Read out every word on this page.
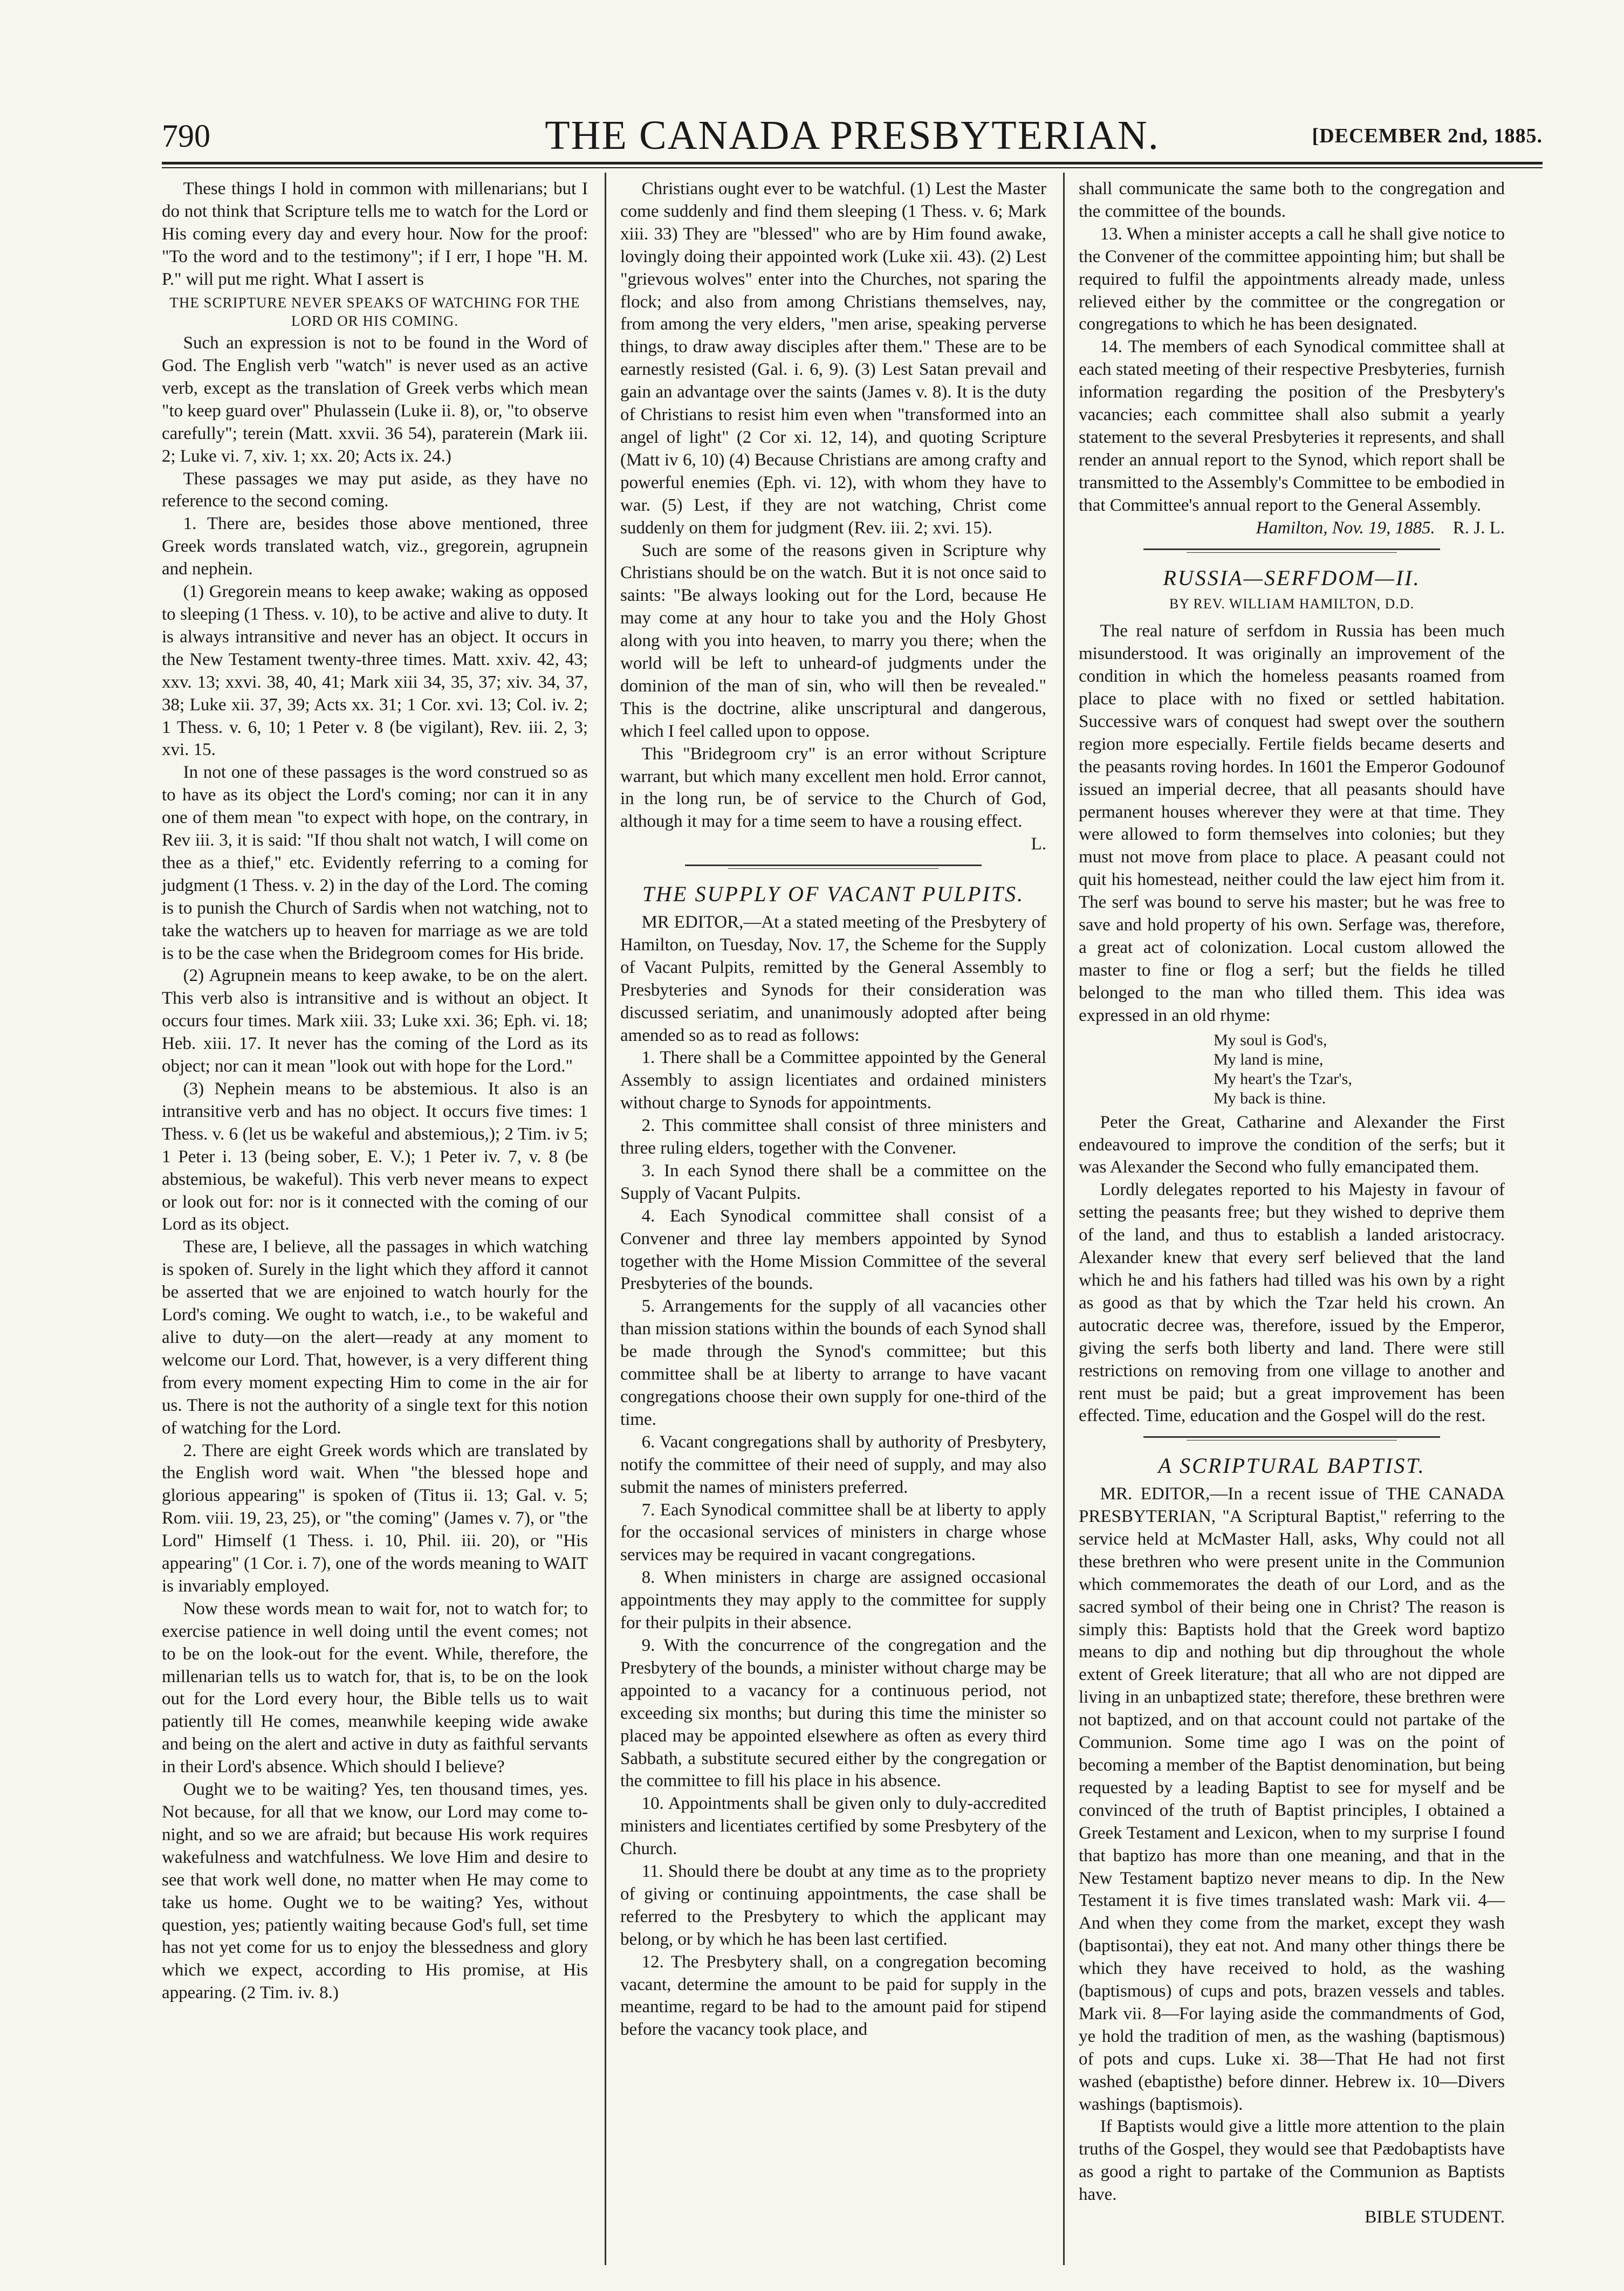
790	THE CANADA PRESBYTERIAN.	[DECEMBER 2nd, 1885.

These things I hold in common with millenarians; but I do not think that Scripture tells me to watch for the Lord or His coming every day and every hour. Now for the proof: "To the word and to the testimony"; if I err, I hope "H. M. P." will put me right. What I assert is

THE SCRIPTURE NEVER SPEAKS OF WATCHING FOR THE LORD OR HIS COMING.

Such an expression is not to be found in the Word of God. The English verb "watch" is never used as an active verb, except as the translation of Greek verbs which mean "to keep guard over" Phulassein (Luke ii. 8), or, "to observe carefully"; terein (Matt. xxvii. 36 54), paraterein (Mark iii. 2; Luke vi. 7, xiv. 1; xx. 20; Acts ix. 24.)

These passages we may put aside, as they have no reference to the second coming.

1. There are, besides those above mentioned, three Greek words translated watch, viz., gregorein, agrupnein and nephein.

(1) Gregorein means to keep awake; waking as opposed to sleeping (1 Thess. v. 10), to be active and alive to duty. It is always intransitive and never has an object. It occurs in the New Testament twenty-three times. Matt. xxiv. 42, 43; xxv. 13; xxvi. 38, 40, 41; Mark xiii 34, 35, 37; xiv. 34, 37, 38; Luke xii. 37, 39; Acts xx. 31; 1 Cor. xvi. 13; Col. iv. 2; 1 Thess. v. 6, 10; 1 Peter v. 8 (be vigilant), Rev. iii. 2, 3; xvi. 15.

In not one of these passages is the word construed so as to have as its object the Lord's coming; nor can it in any one of them mean "to expect with hope, on the contrary, in Rev iii. 3, it is said: "If thou shalt not watch, I will come on thee as a thief," etc. Evidently referring to a coming for judgment (1 Thess. v. 2) in the day of the Lord. The coming is to punish the Church of Sardis when not watching, not to take the watchers up to heaven for marriage as we are told is to be the case when the Bridegroom comes for His bride.

(2) Agrupnein means to keep awake, to be on the alert. This verb also is intransitive and is without an object. It occurs four times. Mark xiii. 33; Luke xxi. 36; Eph. vi. 18; Heb. xiii. 17. It never has the coming of the Lord as its object; nor can it mean "look out with hope for the Lord."

(3) Nephein means to be abstemious. It also is an intransitive verb and has no object. It occurs five times: 1 Thess. v. 6 (let us be wakeful and abstemious,); 2 Tim. iv 5; 1 Peter i. 13 (being sober, E. V.); 1 Peter iv. 7, v. 8 (be abstemious, be wakeful). This verb never means to expect or look out for: nor is it connected with the coming of our Lord as its object.

These are, I believe, all the passages in which watching is spoken of. Surely in the light which they afford it cannot be asserted that we are enjoined to watch hourly for the Lord's coming. We ought to watch, i.e., to be wakeful and alive to duty—on the alert—ready at any moment to welcome our Lord. That, however, is a very different thing from every moment expecting Him to come in the air for us. There is not the authority of a single text for this notion of watching for the Lord.

2. There are eight Greek words which are translated by the English word wait. When "the blessed hope and glorious appearing" is spoken of (Titus ii. 13; Gal. v. 5; Rom. viii. 19, 23, 25), or "the coming" (James v. 7), or "the Lord" Himself (1 Thess. i. 10, Phil. iii. 20), or "His appearing" (1 Cor. i. 7), one of the words meaning to WAIT is invariably employed.

Now these words mean to wait for, not to watch for; to exercise patience in well doing until the event comes; not to be on the look-out for the event. While, therefore, the millenarian tells us to watch for, that is, to be on the look out for the Lord every hour, the Bible tells us to wait patiently till He comes, meanwhile keeping wide awake and being on the alert and active in duty as faithful servants in their Lord's absence. Which should I believe?

Ought we to be waiting? Yes, ten thousand times, yes. Not because, for all that we know, our Lord may come to-night, and so we are afraid; but because His work requires wakefulness and watchfulness. We love Him and desire to see that work well done, no matter when He may come to take us home. Ought we to be waiting? Yes, without question, yes; patiently waiting because God's full, set time has not yet come for us to enjoy the blessedness and glory which we expect, according to His promise, at His appearing. (2 Tim. iv. 8.)

Christians ought ever to be watchful. (1) Lest the Master come suddenly and find them sleeping (1 Thess. v. 6; Mark xiii. 33) They are "blessed" who are by Him found awake, lovingly doing their appointed work (Luke xii. 43). (2) Lest "grievous wolves" enter into the Churches, not sparing the flock; and also from among Christians themselves, nay, from among the very elders, "men arise, speaking perverse things, to draw away disciples after them." These are to be earnestly resisted (Gal. i. 6, 9). (3) Lest Satan prevail and gain an advantage over the saints (James v. 8). It is the duty of Christians to resist him even when "transformed into an angel of light" (2 Cor xi. 12, 14), and quoting Scripture (Matt iv 6, 10) (4) Because Christians are among crafty and powerful enemies (Eph. vi. 12), with whom they have to war. (5) Lest, if they are not watching, Christ come suddenly on them for judgment (Rev. iii. 2; xvi. 15).

Such are some of the reasons given in Scripture why Christians should be on the watch. But it is not once said to saints: "Be always looking out for the Lord, because He may come at any hour to take you and the Holy Ghost along with you into heaven, to marry you there; when the world will be left to unheard-of judgments under the dominion of the man of sin, who will then be revealed." This is the doctrine, alike unscriptural and dangerous, which I feel called upon to oppose.

This "Bridegroom cry" is an error without Scripture warrant, but which many excellent men hold. Error cannot, in the long run, be of service to the Church of God, although it may for a time seem to have a rousing effect.

L.

THE SUPPLY OF VACANT PULPITS.

MR EDITOR,—At a stated meeting of the Presbytery of Hamilton, on Tuesday, Nov. 17, the Scheme for the Supply of Vacant Pulpits, remitted by the General Assembly to Presbyteries and Synods for their consideration was discussed seriatim, and unanimously adopted after being amended so as to read as follows:

1. There shall be a Committee appointed by the General Assembly to assign licentiates and ordained ministers without charge to Synods for appointments.

2. This committee shall consist of three ministers and three ruling elders, together with the Convener.

3. In each Synod there shall be a committee on the Supply of Vacant Pulpits.

4. Each Synodical committee shall consist of a Convener and three lay members appointed by Synod together with the Home Mission Committee of the several Presbyteries of the bounds.

5. Arrangements for the supply of all vacancies other than mission stations within the bounds of each Synod shall be made through the Synod's committee; but this committee shall be at liberty to arrange to have vacant congregations choose their own supply for one-third of the time.

6. Vacant congregations shall by authority of Presbytery, notify the committee of their need of supply, and may also submit the names of ministers preferred.

7. Each Synodical committee shall be at liberty to apply for the occasional services of ministers in charge whose services may be required in vacant congregations.

8. When ministers in charge are assigned occasional appointments they may apply to the committee for supply for their pulpits in their absence.

9. With the concurrence of the congregation and the Presbytery of the bounds, a minister without charge may be appointed to a vacancy for a continuous period, not exceeding six months; but during this time the minister so placed may be appointed elsewhere as often as every third Sabbath, a substitute secured either by the congregation or the committee to fill his place in his absence.

10. Appointments shall be given only to duly-accredited ministers and licentiates certified by some Presbytery of the Church.

11. Should there be doubt at any time as to the propriety of giving or continuing appointments, the case shall be referred to the Presbytery to which the applicant may belong, or by which he has been last certified.

12. The Presbytery shall, on a congregation becoming vacant, determine the amount to be paid for supply in the meantime, regard to be had to the amount paid for stipend before the vacancy took place, and

shall communicate the same both to the congregation and the committee of the bounds.

13. When a minister accepts a call he shall give notice to the Convener of the committee appointing him; but shall be required to fulfil the appointments already made, unless relieved either by the committee or the congregation or congregations to which he has been designated.

14. The members of each Synodical committee shall at each stated meeting of their respective Presbyteries, furnish information regarding the position of the Presbytery's vacancies; each committee shall also submit a yearly statement to the several Presbyteries it represents, and shall render an annual report to the Synod, which report shall be transmitted to the Assembly's Committee to be embodied in that Committee's annual report to the General Assembly.

Hamilton, Nov. 19, 1885. R. J. L.

RUSSIA—SERFDOM—II.

BY REV. WILLIAM HAMILTON, D.D.

The real nature of serfdom in Russia has been much misunderstood. It was originally an improvement of the condition in which the homeless peasants roamed from place to place with no fixed or settled habitation. Successive wars of conquest had swept over the southern region more especially. Fertile fields became deserts and the peasants roving hordes. In 1601 the Emperor Godounof issued an imperial decree, that all peasants should have permanent houses wherever they were at that time. They were allowed to form themselves into colonies; but they must not move from place to place. A peasant could not quit his homestead, neither could the law eject him from it. The serf was bound to serve his master; but he was free to save and hold property of his own. Serfage was, therefore, a great act of colonization. Local custom allowed the master to fine or flog a serf; but the fields he tilled belonged to the man who tilled them. This idea was expressed in an old rhyme:

My soul is God's,
My land is mine,
My heart's the Tzar's,
My back is thine.

Peter the Great, Catharine and Alexander the First endeavoured to improve the condition of the serfs; but it was Alexander the Second who fully emancipated them.

Lordly delegates reported to his Majesty in favour of setting the peasants free; but they wished to deprive them of the land, and thus to establish a landed aristocracy. Alexander knew that every serf believed that the land which he and his fathers had tilled was his own by a right as good as that by which the Tzar held his crown. An autocratic decree was, therefore, issued by the Emperor, giving the serfs both liberty and land. There were still restrictions on removing from one village to another and rent must be paid; but a great improvement has been effected. Time, education and the Gospel will do the rest.

A SCRIPTURAL BAPTIST.

MR. EDITOR,—In a recent issue of THE CANADA PRESBYTERIAN, "A Scriptural Baptist," referring to the service held at McMaster Hall, asks, Why could not all these brethren who were present unite in the Communion which commemorates the death of our Lord, and as the sacred symbol of their being one in Christ? The reason is simply this: Baptists hold that the Greek word baptizo means to dip and nothing but dip throughout the whole extent of Greek literature; that all who are not dipped are living in an unbaptized state; therefore, these brethren were not baptized, and on that account could not partake of the Communion. Some time ago I was on the point of becoming a member of the Baptist denomination, but being requested by a leading Baptist to see for myself and be convinced of the truth of Baptist principles, I obtained a Greek Testament and Lexicon, when to my surprise I found that baptizo has more than one meaning, and that in the New Testament baptizo never means to dip. In the New Testament it is five times translated wash: Mark vii. 4—And when they come from the market, except they wash (baptisontai), they eat not. And many other things there be which they have received to hold, as the washing (baptismous) of cups and pots, brazen vessels and tables. Mark vii. 8—For laying aside the commandments of God, ye hold the tradition of men, as the washing (baptismous) of pots and cups. Luke xi. 38—That He had not first washed (ebaptisthe) before dinner. Hebrew ix. 10—Divers washings (baptismois).

If Baptists would give a little more attention to the plain truths of the Gospel, they would see that Pædobaptists have as good a right to partake of the Communion as Baptists have.

BIBLE STUDENT.
